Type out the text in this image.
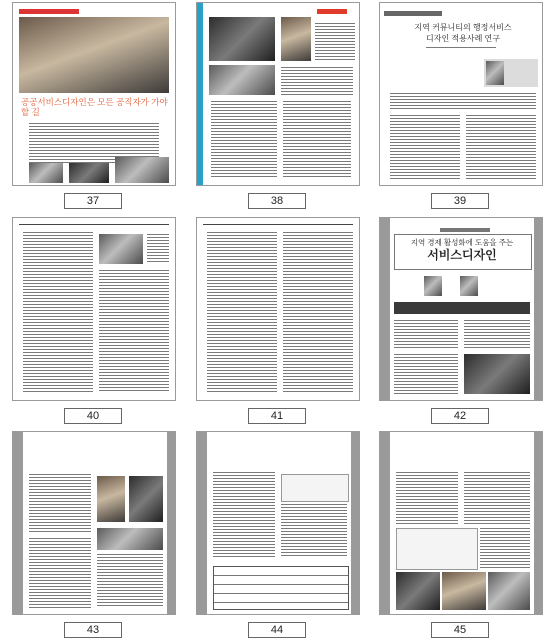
공공서비스디자인은 모든 공직자가 가야할 길
37	38
지역 커뮤니티의 행정서비스
디자인 적용사례 연구
39
40	41
지역 경제 활성화에 도움을 주는
서비스디자인
42
43	44	45
